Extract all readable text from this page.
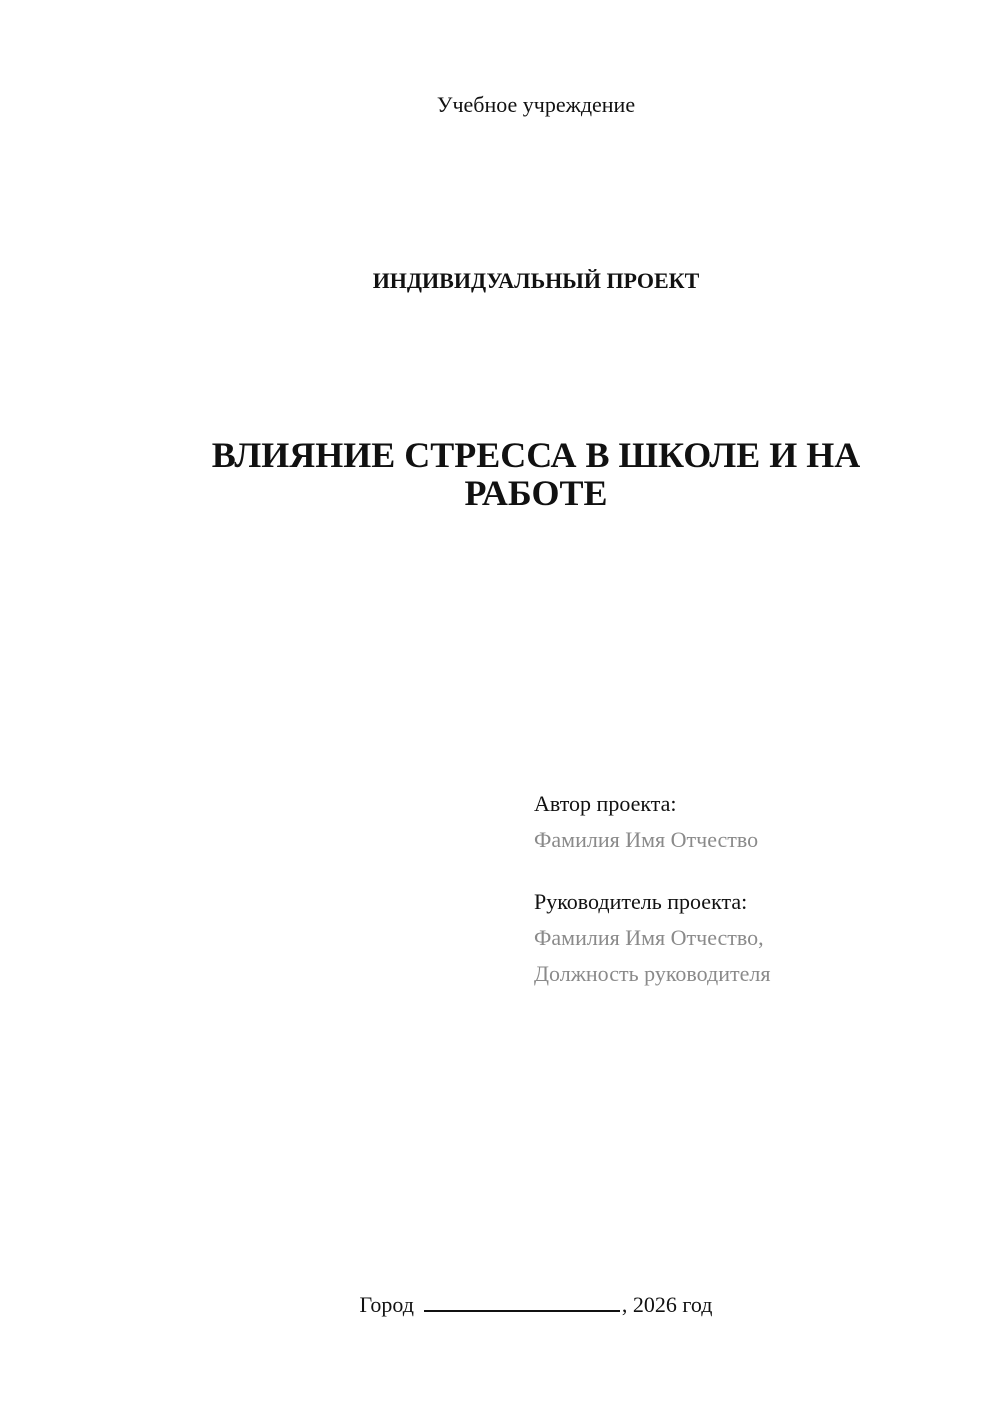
Учебное учреждение
ИНДИВИДУАЛЬНЫЙ ПРОЕКТ
ВЛИЯНИЕ СТРЕССА В ШКОЛЕ И НА
РАБОТЕ
Автор проекта:
Фамилия Имя Отчество
Руководитель проекта:
Фамилия Имя Отчество,
Должность руководителя
Город	, 2026 год
